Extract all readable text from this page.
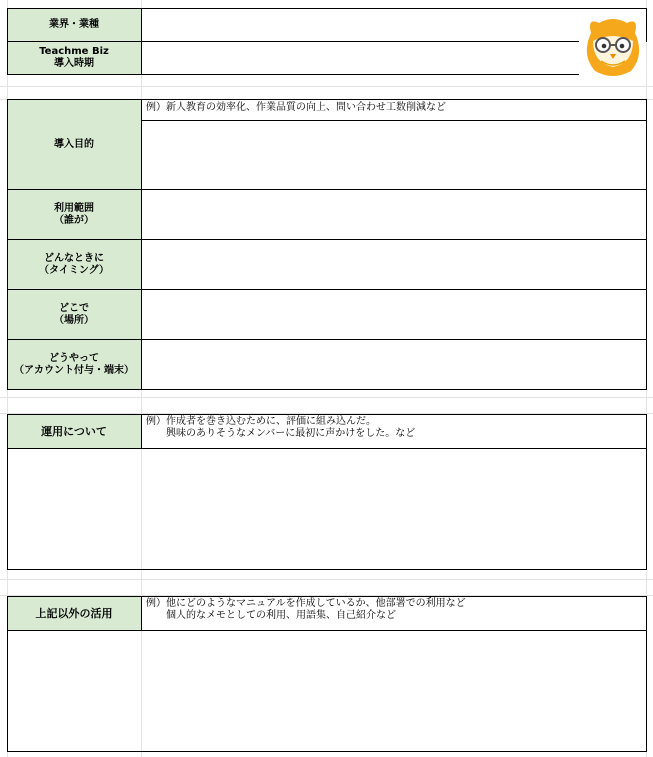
業界・業種
Teachme Biz
導入時期
導入目的
例）新人教育の効率化、作業品質の向上、問い合わせ工数削減など
利用範囲
（誰が）
どんなときに
（タイミング）
どこで
（場所）
どうやって
（アカウント付与・端末）
運用について
例）作成者を巻き込むために、評価に組み込んだ。
　　興味のありそうなメンバーに最初に声かけをした。など
上記以外の活用
例）他にどのようなマニュアルを作成しているか、他部署での利用など
　　個人的なメモとしての利用、用語集、自己紹介など
